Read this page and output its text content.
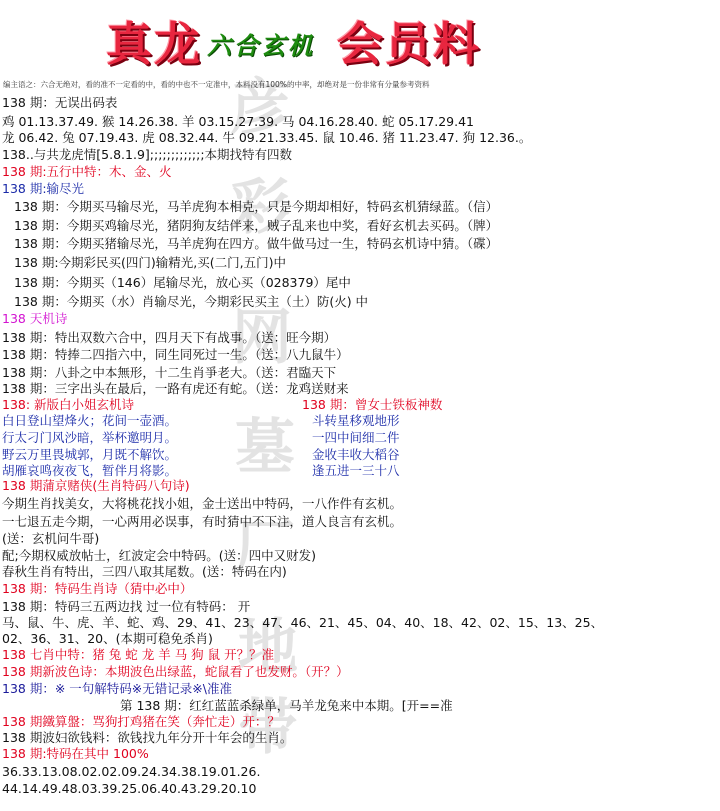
彦
彩
网
墓
厂
地
带
真龙 六合玄机 会员料
编主语之：六合无绝对，看的准不一定看的中，看的中也不一定准中，本料没有100%的中率，却绝对是一份非常有分量参考资料
138 期：无误出码表
鸡 01.13.37.49. 猴 14.26.38. 羊 03.15.27.39. 马 04.16.28.40. 蛇 05.17.29.41
龙 06.42. 兔 07.19.43. 虎 08.32.44. 牛 09.21.33.45. 鼠 10.46. 猪 11.23.47. 狗 12.36.。
138..与共龙虎情[5.8.1.9];;;;;;;;;;;;;本期找特有四数
138 期:五行中特：木、金、火
138 期:输尽光
138 期：今期买马输尽光，马羊虎狗本相克，只是今期却相好，特码玄机猜绿蓝。（信）
138 期：今期买鸡输尽光，猪阴狗友结伴来，贼子乱来也中奖，看好玄机去买码。（牌）
138 期：今期买猪输尽光，马羊虎狗在四方。做牛做马过一生，特码玄机诗中猜。（碟）
138 期:今期彩民买(四门)输精光,买(二门,五门)中
138 期：今期买（146）尾输尽光，放心买（028379）尾中
138 期：今期买（水）肖输尽光，今期彩民买主（土）防(火) 中
138 天机诗
138 期：特出双数六合中，四月天下有战事。（送：旺今期）
138 期：特捧二四指六中，同生同死过一生。（送：八九鼠牛）
138 期：八卦之中本無形，十二生肖爭老大。（送：君臨天下
138 期：三字出头在最后，一路有虎还有蛇。（送：龙鸡送财来
138: 新版白小姐玄机诗	138 期：曾女士铁板神数
白日登山望烽火；花间一壶酒。
行太刁门风沙暗，举杯邀明月。
野云万里畏城郭，月既不解饮。
胡雁哀鸣夜夜飞，暂伴月将影。
斗转星移观地形
一四中间细二件
金收丰收大稻谷
逢五进一三十八
138 期蒲京赌侠(生肖特码八句诗)
今期生肖找美女，大将桃花找小姐，金士送出中特码，一八作件有玄机。
一七退五走今期，一心两用必误事，有时猜中不下注，道人良言有玄机。
(送：玄机问牛哥)
配;今期权威放帖士，红波定会中特码。(送：四中又财发)
春秋生肖有特出，三四八取其尾数。(送：特码在内)
138 期：特码生肖诗（猜中必中）
138 期：特码三五两边找 过一位有特码： 开
马、鼠、牛、虎、羊、蛇、鸡、29、41、23、47、46、21、45、04、40、18、42、02、15、13、25、
02、36、31、20、(本期可稳免杀肖)
138 七肖中特：猪 兔 蛇 龙 羊 马 狗 鼠 开？？准
138 期新波色诗：本期波色出绿蓝，蛇鼠看了也发财。（开？）
138 期：※ 一句解特码※无错记录※\准准
第 138 期：红红蓝蓝杀绿单，马羊龙兔来中本期。[开==准
138 期鐵算盤：骂狗打鸡猪在笑（奔忙走）开：？
138 期波妇欲钱料：欲钱找九年分开十年会的生肖。
138 期:特码在其中 100%
36.33.13.08.02.02.09.24.34.38.19.01.26.
44.14.49.48.03.39.25.06.40.43.29.20.10
